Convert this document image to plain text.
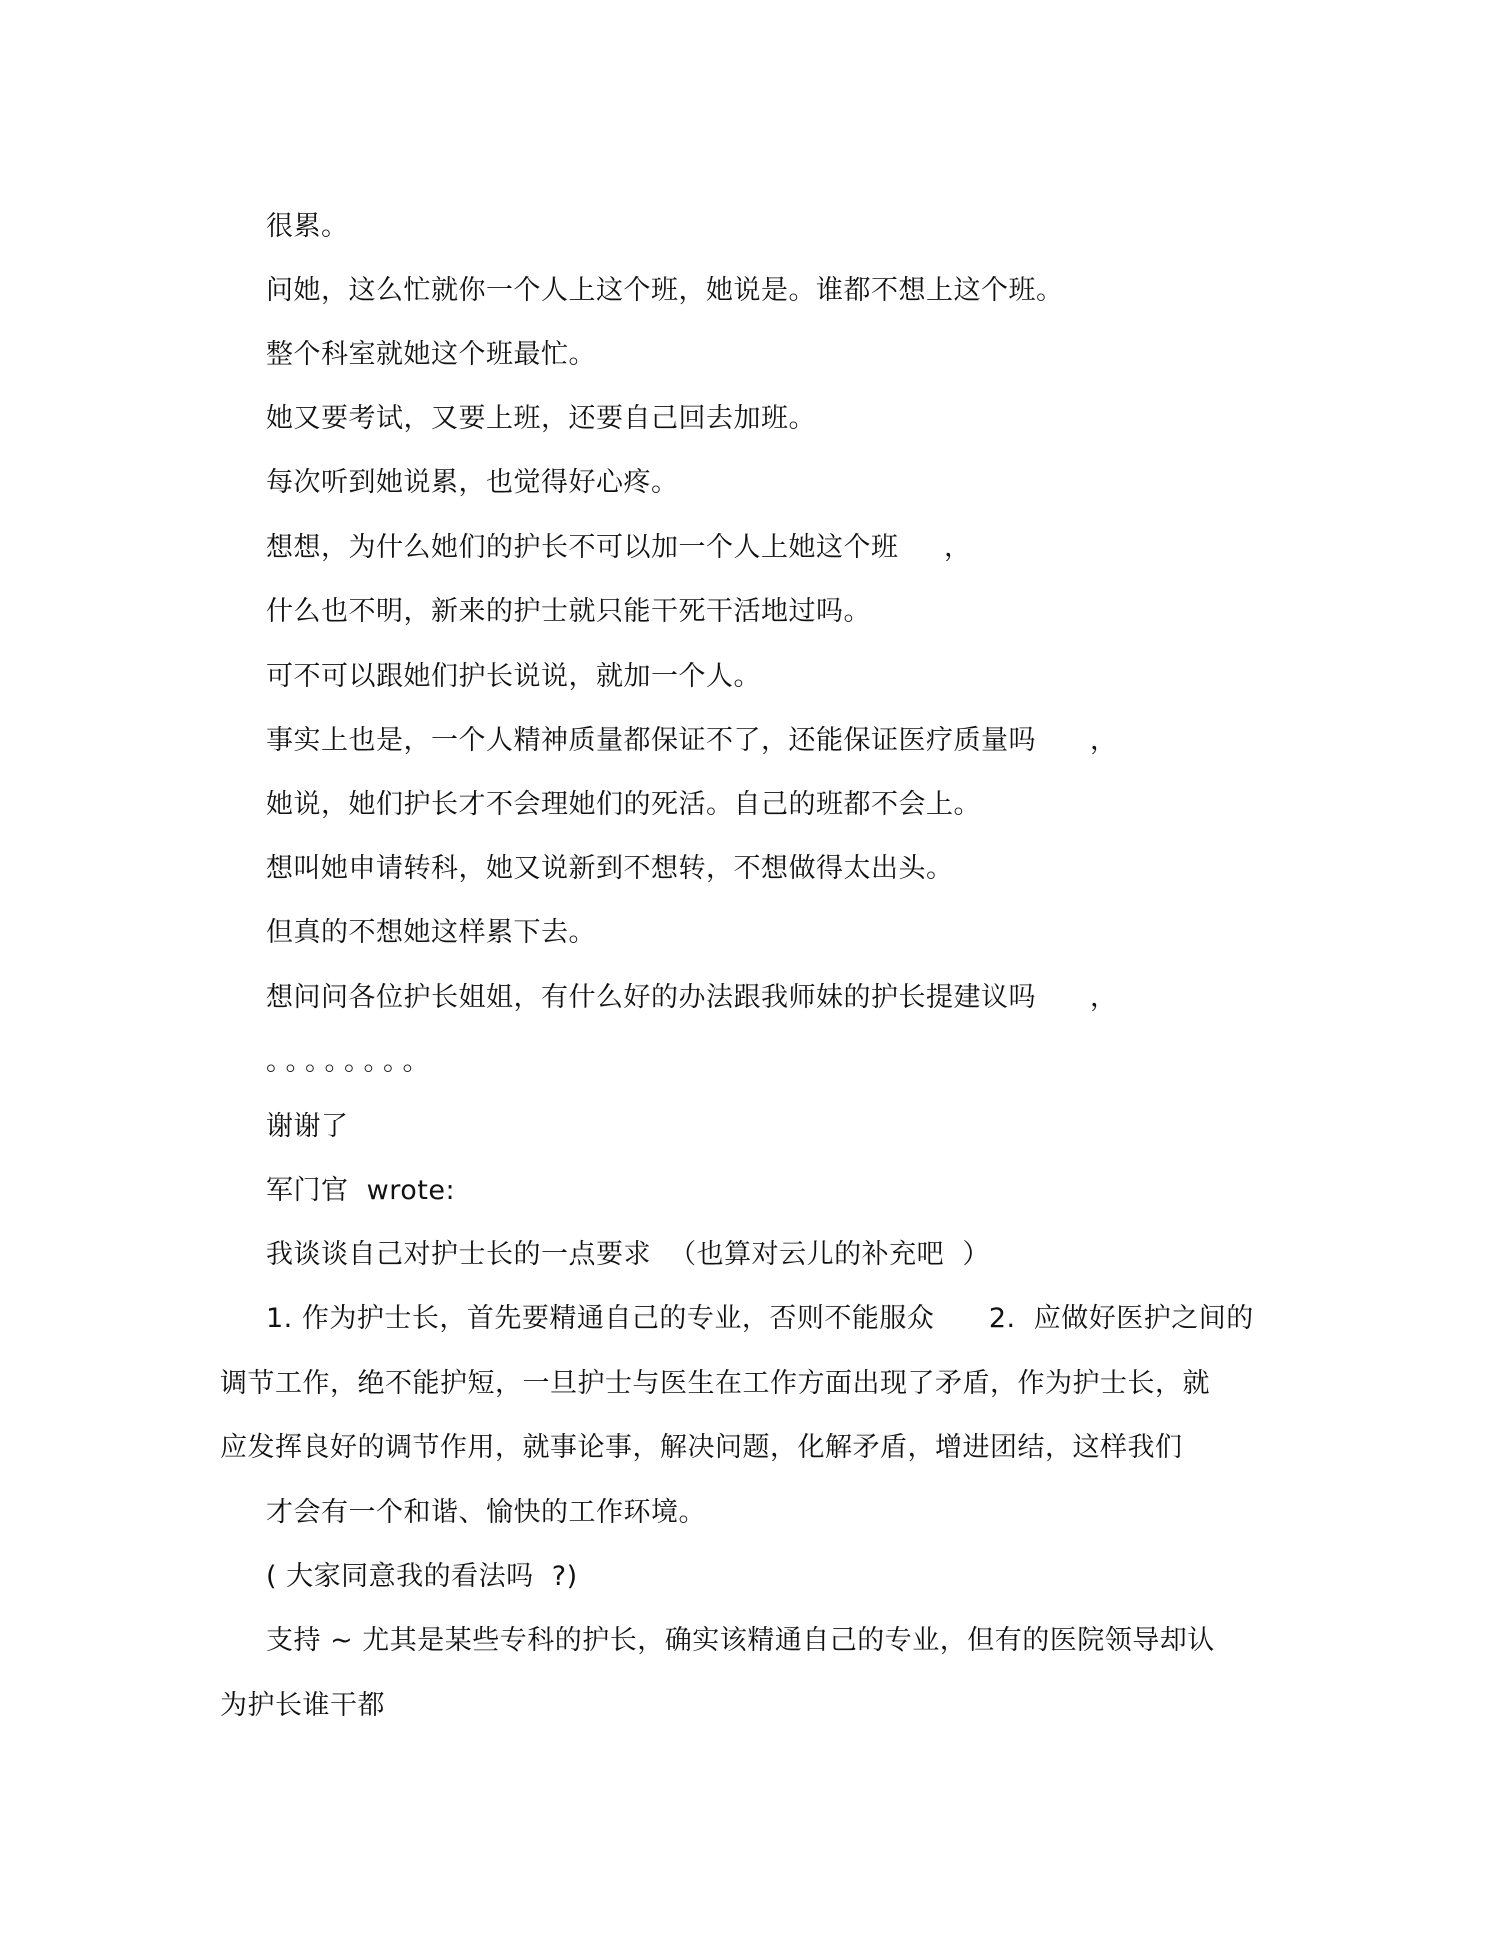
很累。
问她，这么忙就你一个人上这个班，她说是。谁都不想上这个班。
整个科室就她这个班最忙。
她又要考试，又要上班，还要自己回去加班。
每次听到她说累，也觉得好心疼。
想想，为什么她们的护长不可以加一个人上她这个班 ，
什么也不明，新来的护士就只能干死干活地过吗。
可不可以跟她们护长说说，就加一个人。
事实上也是，一个人精神质量都保证不了，还能保证医疗质量吗 ，
她说，她们护长才不会理她们的死活。自己的班都不会上。
想叫她申请转科，她又说新到不想转，不想做得太出头。
但真的不想她这样累下去。
想问问各位护长姐姐，有什么好的办法跟我师妹的护长提建议吗 ，
。。。。。。。。
谢谢了
军门官  wrote:
我谈谈自己对护士长的一点要求  （也算对云儿的补充吧  ）
1. 作为护士长，首先要精通自己的专业，否则不能服众      2.  应做好医护之间的
调节工作，绝不能护短，一旦护士与医生在工作方面出现了矛盾，作为护士长，就
应发挥良好的调节作用，就事论事，解决问题，化解矛盾，增进团结，这样我们
才会有一个和谐、愉快的工作环境。
( 大家同意我的看法吗  ?)
支持 ~ 尤其是某些专科的护长，确实该精通自己的专业，但有的医院领导却认
为护长谁干都
